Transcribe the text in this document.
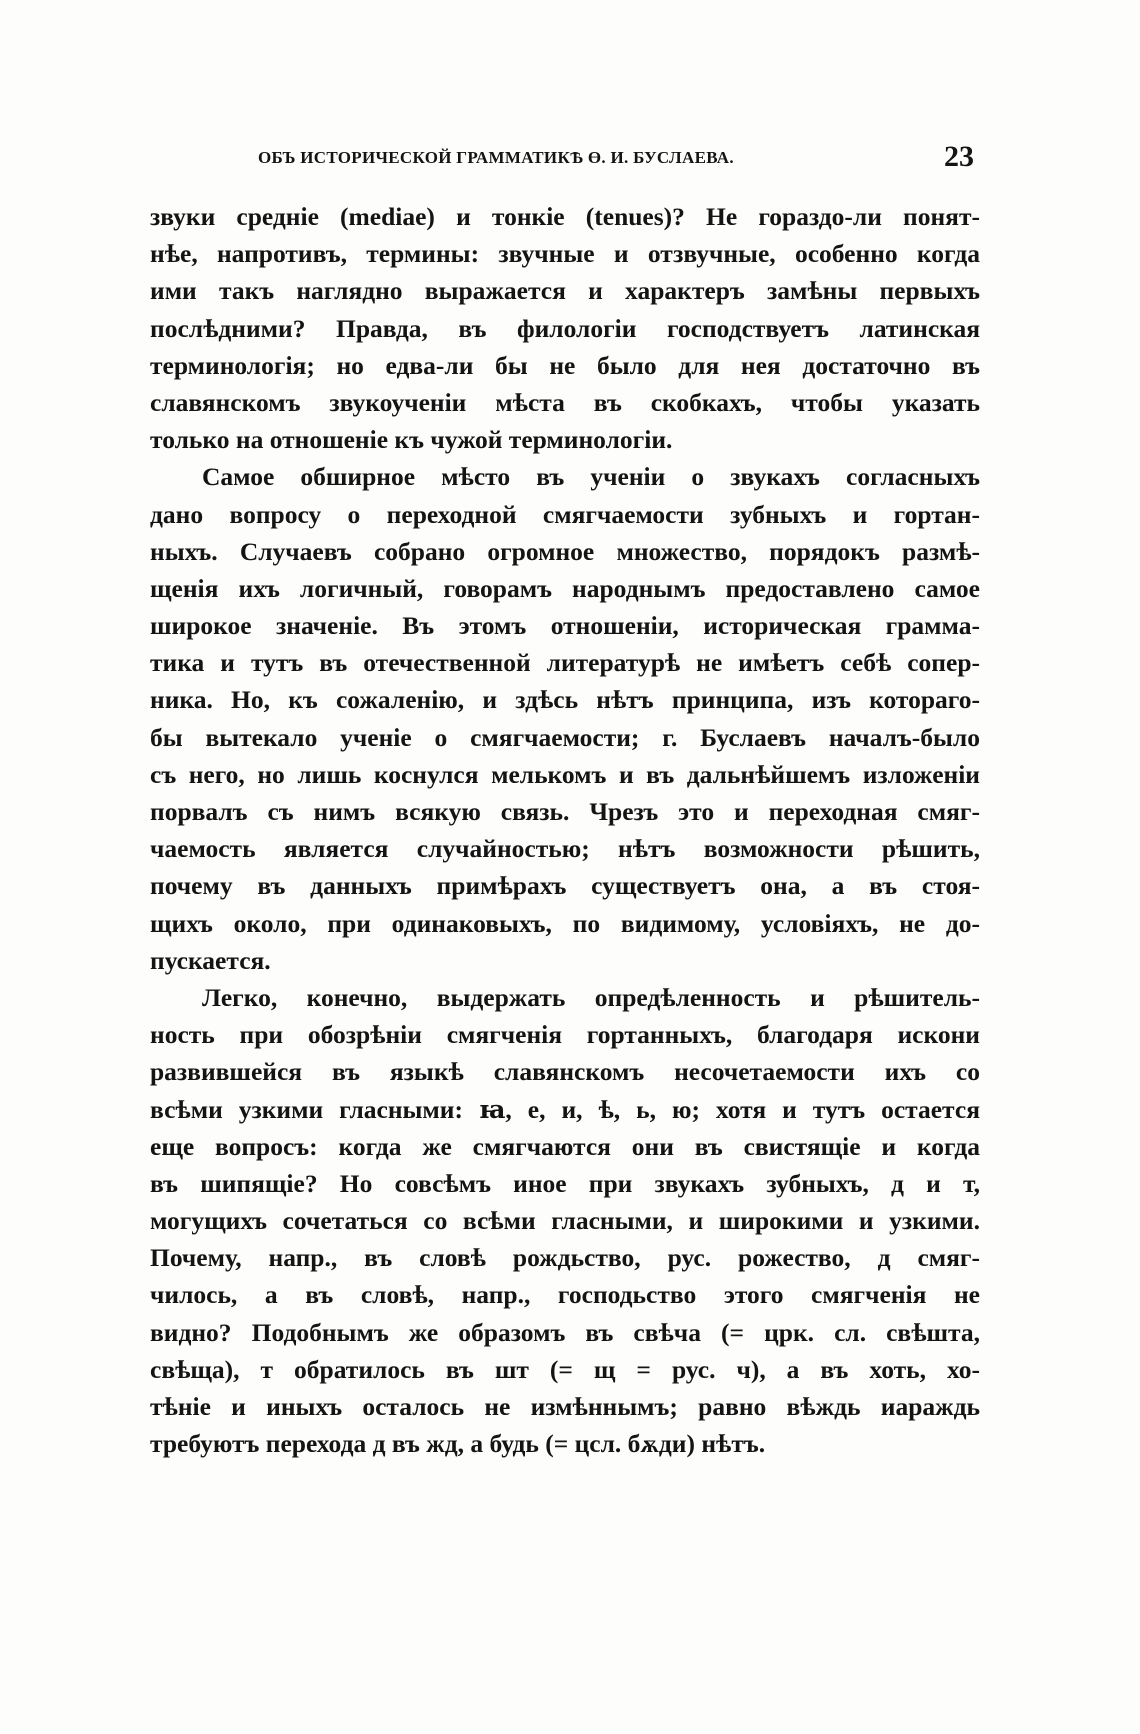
ОБЪ ИСТОРИЧЕСКОЙ ГРАММАТИКѢ Ө. И. БУСЛАЕВА.	23
звуки средніе (mediae) и тонкіе (tenues)? Не гораздо-ли понят-
нѣе, напротивъ, термины: звучные и отзвучные, особенно когда
ими такъ наглядно выражается и характеръ замѣны первыхъ
послѣдними? Правда, въ филологіи господствуетъ латинская
терминологія; но едва-ли бы не было для нея достаточно въ
славянскомъ звукоученіи мѣста въ скобкахъ, чтобы указать
только на отношеніе къ чужой терминологіи.
Самое обширное мѣсто въ ученіи о звукахъ согласныхъ
дано вопросу о переходной смягчаемости зубныхъ и гортан-
ныхъ. Случаевъ собрано огромное множество, порядокъ размѣ-
щенія ихъ логичный, говорамъ народнымъ предоставлено самое
широкое значеніе. Въ этомъ отношеніи, историческая грамма-
тика и тутъ въ отечественной литературѣ не имѣетъ себѣ сопер-
ника. Но, къ сожаленію, и здѣсь нѣтъ принципа, изъ котораго-
бы вытекало ученіе о смягчаемости; г. Буслаевъ началъ-было
съ него, но лишь коснулся мелькомъ и въ дальнѣйшемъ изложеніи
порвалъ съ нимъ всякую связь. Чрезъ это и переходная смяг-
чаемость является случайностью; нѣтъ возможности рѣшить,
почему въ данныхъ примѣрахъ существуетъ она, а въ стоя-
щихъ около, при одинаковыхъ, по видимому, условіяхъ, не до-
пускается.
Легко, конечно, выдержать опредѣленность и рѣшитель-
ность при обозрѣніи смягченія гортанныхъ, благодаря искони
развившейся въ языкѣ славянскомъ несочетаемости ихъ со
всѣми узкими гласными: ꙗ, е, и, ѣ, ь, ю; хотя и тутъ остается
еще вопросъ: когда же смягчаются они въ свистящіе и когда
въ шипящіе? Но совсѣмъ иное при звукахъ зубныхъ, д и т,
могущихъ сочетаться со всѣми гласными, и широкими и узкими.
Почему, напр., въ словѣ рождьство, рус. рожество, д смяг-
чилось, а въ словѣ, напр., господьство этого смягченія не
видно? Подобнымъ же образомъ въ свѣча (= црк. сл. свѣшта,
свѣща), т обратилось въ шт (= щ = рус. ч), а въ хоть, хо-
тѣніе и иныхъ осталось не измѣннымъ; равно вѣждь иараждь
требуютъ перехода д въ жд, а будь (= цсл. бѫди) нѣтъ.
